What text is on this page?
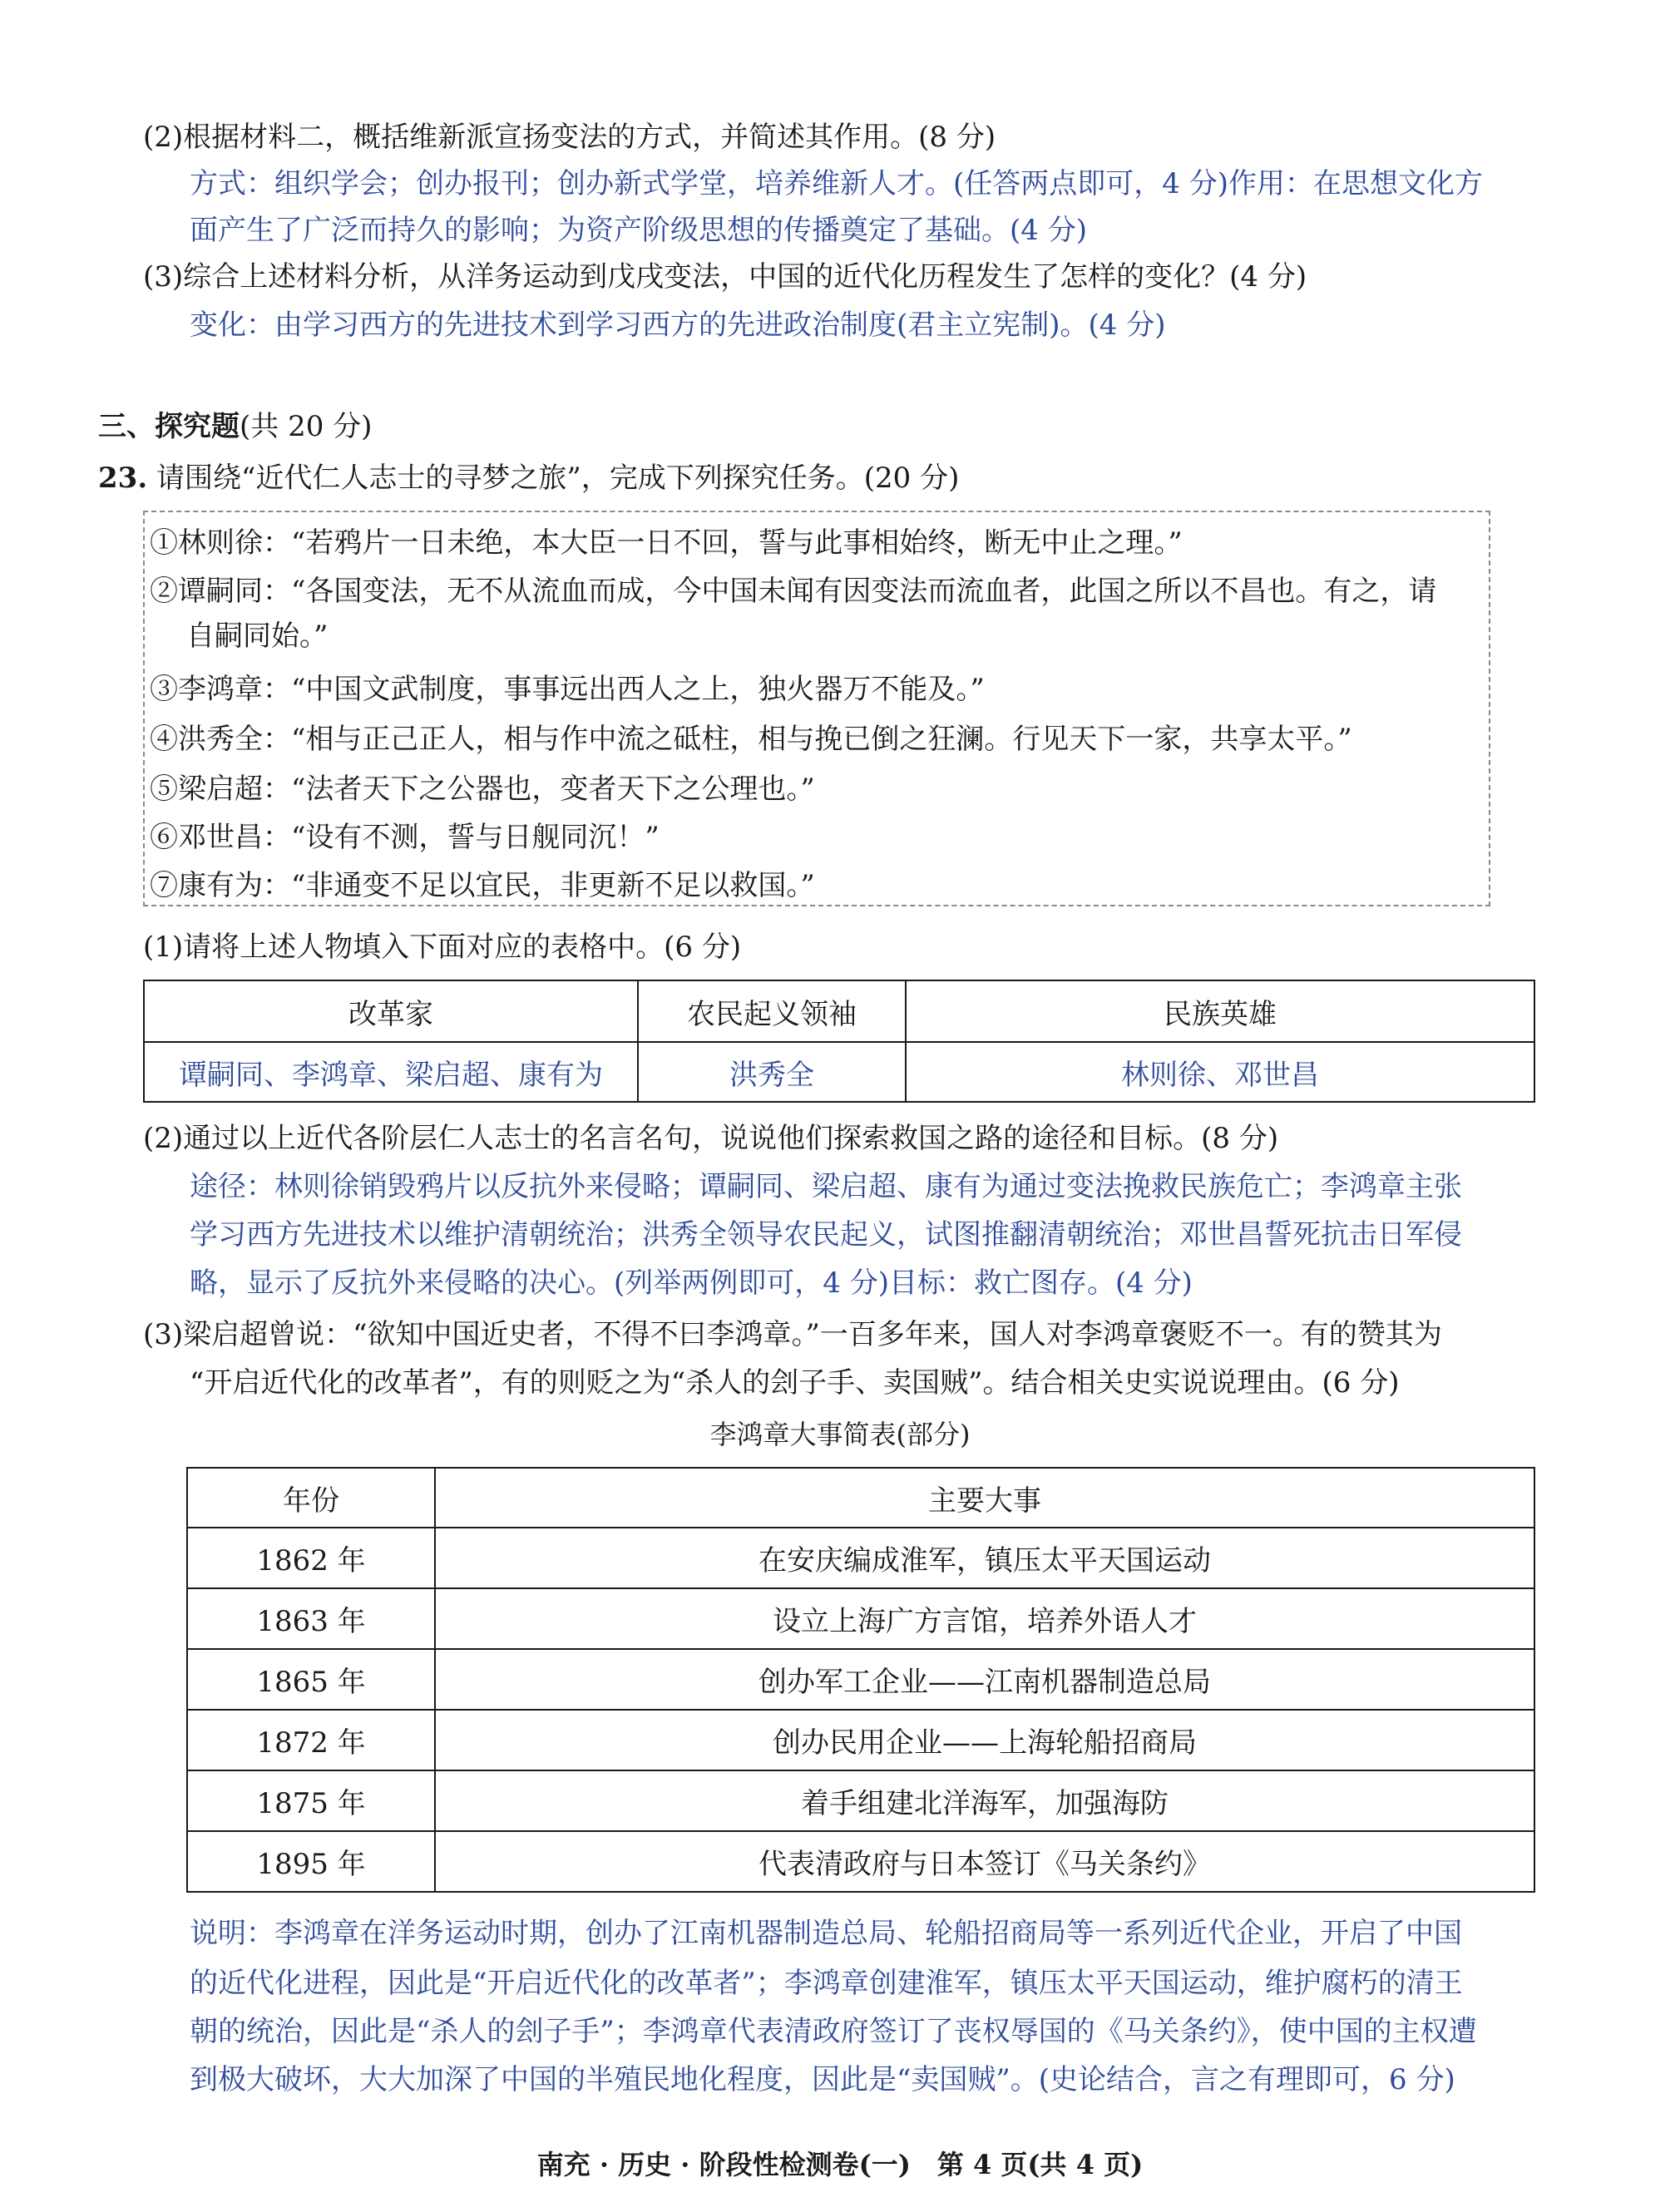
(2)根据材料二，概括维新派宣扬变法的方式，并简述其作用。(8 分)
方式：组织学会；创办报刊；创办新式学堂，培养维新人才。(任答两点即可，4 分)作用：在思想文化方
面产生了广泛而持久的影响；为资产阶级思想的传播奠定了基础。(4 分)
(3)综合上述材料分析，从洋务运动到戊戌变法，中国的近代化历程发生了怎样的变化？(4 分)
变化：由学习西方的先进技术到学习西方的先进政治制度(君主立宪制)。(4 分)
三、探究题(共 20 分)
23. 请围绕“近代仁人志士的寻梦之旅”，完成下列探究任务。(20 分)
①林则徐：“若鸦片一日未绝，本大臣一日不回，誓与此事相始终，断无中止之理。”
②谭嗣同：“各国变法，无不从流血而成，今中国未闻有因变法而流血者，此国之所以不昌也。有之，请
自嗣同始。”
③李鸿章：“中国文武制度，事事远出西人之上，独火器万不能及。”
④洪秀全：“相与正己正人，相与作中流之砥柱，相与挽已倒之狂澜。行见天下一家，共享太平。”
⑤梁启超：“法者天下之公器也，变者天下之公理也。”
⑥邓世昌：“设有不测，誓与日舰同沉！”
⑦康有为：“非通变不足以宜民，非更新不足以救国。”
(1)请将上述人物填入下面对应的表格中。(6 分)
改革家	农民起义领袖	民族英雄
谭嗣同、李鸿章、梁启超、康有为	洪秀全	林则徐、邓世昌
(2)通过以上近代各阶层仁人志士的名言名句，说说他们探索救国之路的途径和目标。(8 分)
途径：林则徐销毁鸦片以反抗外来侵略；谭嗣同、梁启超、康有为通过变法挽救民族危亡；李鸿章主张
学习西方先进技术以维护清朝统治；洪秀全领导农民起义，试图推翻清朝统治；邓世昌誓死抗击日军侵
略，显示了反抗外来侵略的决心。(列举两例即可，4 分)目标：救亡图存。(4 分)
(3)梁启超曾说：“欲知中国近史者，不得不曰李鸿章。”一百多年来，国人对李鸿章褒贬不一。有的赞其为
“开启近代化的改革者”，有的则贬之为“杀人的刽子手、卖国贼”。结合相关史实说说理由。(6 分)
李鸿章大事简表(部分)
年份	主要大事
1862 年	在安庆编成淮军，镇压太平天国运动
1863 年	设立上海广方言馆，培养外语人才
1865 年	创办军工企业——江南机器制造总局
1872 年	创办民用企业——上海轮船招商局
1875 年	着手组建北洋海军，加强海防
1895 年	代表清政府与日本签订《马关条约》
说明：李鸿章在洋务运动时期，创办了江南机器制造总局、轮船招商局等一系列近代企业，开启了中国
的近代化进程，因此是“开启近代化的改革者”；李鸿章创建淮军，镇压太平天国运动，维护腐朽的清王
朝的统治，因此是“杀人的刽子手”；李鸿章代表清政府签订了丧权辱国的《马关条约》，使中国的主权遭
到极大破坏，大大加深了中国的半殖民地化程度，因此是“卖国贼”。(史论结合，言之有理即可，6 分)
南充 · 历史 · 阶段性检测卷(一)　第 4 页(共 4 页)
